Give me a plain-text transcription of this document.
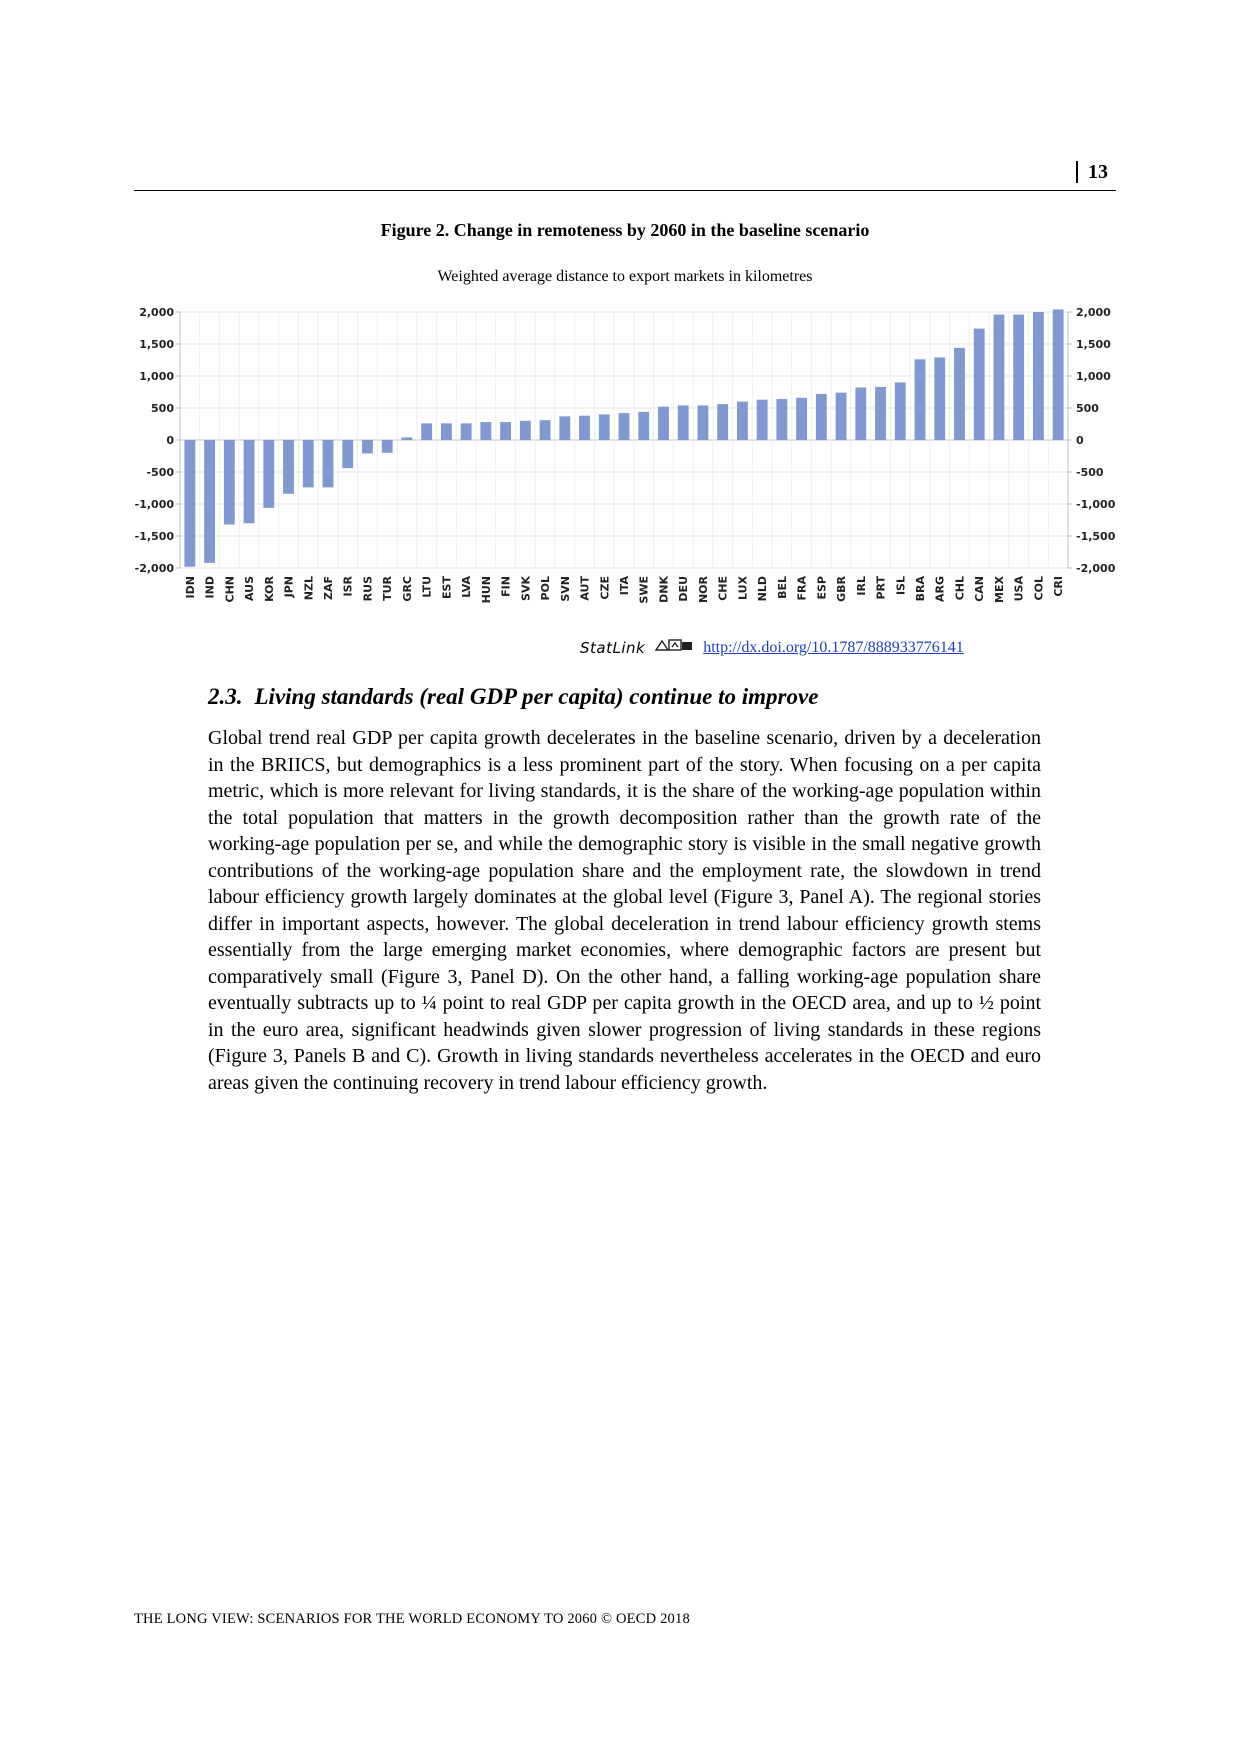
13
Figure 2. Change in remoteness by 2060 in the baseline scenario
Weighted average distance to export markets in kilometres
2,000	2,000
1,500	1,500
1,000	1,000
500	500
0	0
-500	-500
-1,000	-1,000
-1,500	-1,500
-2,000	-2,000
IDN IND CHN AUS KOR JPN NZL ZAF ISR RUS TUR GRC LTU EST LVA HUN FIN SVK POL SVN AUT CZE ITA SWE DNK DEU NOR CHE LUX NLD BEL FRA ESP GBR IRL PRT ISL BRA ARG CHL CAN MEX USA COL CRI
StatLink	http://dx.doi.org/10.1787/888933776141
2.3. Living standards (real GDP per capita) continue to improve

Global trend real GDP per capita growth decelerates in the baseline scenario, driven by a deceleration in the BRIICS, but demographics is a less prominent part of the story. When focusing on a per capita metric, which is more relevant for living standards, it is the share of the working-age population within the total population that matters in the growth decomposition rather than the growth rate of the working-age population per se, and while the demographic story is visible in the small negative growth contributions of the working-age population share and the employment rate, the slowdown in trend labour efficiency growth largely dominates at the global level (Figure 3, Panel A). The regional stories differ in important aspects, however. The global deceleration in trend labour efficiency growth stems essentially from the large emerging market economies, where demographic factors are present but comparatively small (Figure 3, Panel D). On the other hand, a falling working-age population share eventually subtracts up to ¼ point to real GDP per capita growth in the OECD area, and up to ½ point in the euro area, significant headwinds given slower progression of living standards in these regions (Figure 3, Panels B and C). Growth in living standards nevertheless accelerates in the OECD and euro areas given the continuing recovery in trend labour efficiency growth.

THE LONG VIEW: SCENARIOS FOR THE WORLD ECONOMY TO 2060 © OECD 2018
